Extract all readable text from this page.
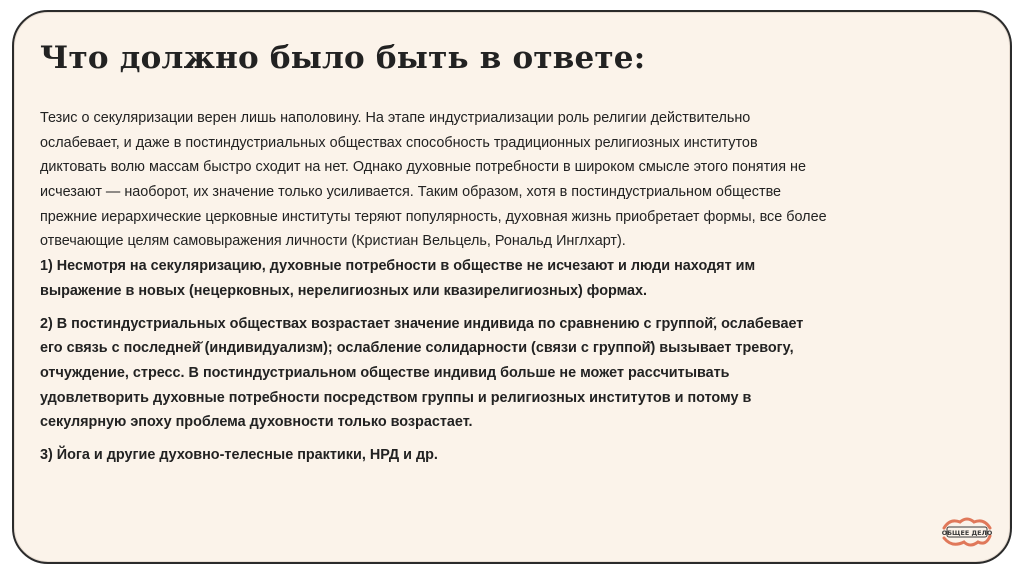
Что должно было быть в ответе:
Тезис о секуляризации верен лишь наполовину. На этапе индустриализации роль религии действительно
ослабевает, и даже в постиндустриальных обществах способность традиционных религиозных институтов
диктовать волю массам быстро сходит на нет. Однако духовные потребности в широком смысле этого понятия не
исчезают — наоборот, их значение только усиливается. Таким образом, хотя в постиндустриальном обществе
прежние иерархические церковные институты теряют популярность, духовная жизнь приобретает формы, все более
отвечающие целям самовыражения личности (Кристиан Вельцель, Рональд Инглхарт).
1) Несмотря на секуляризацию, духовные потребности в обществе не исчезают и люди находят им
выражение в новых (нецерковных, нерелигиозных или квазирелигиозных) формах.
2) В постиндустриальных обществах возрастает значение индивида по сравнению с группой̆, ослабевает
его связь с последней̆ (индивидуализм); ослабление солидарности (связи с группой̆) вызывает тревогу,
отчуждение, стресс. В постиндустриальном обществе индивид больше не может рассчитывать
удовлетворить духовные потребности посредством группы и религиозных институтов и потому в
секулярную эпоху проблема духовности только возрастает.
3) Йога и другие духовно-телесные практики, НРД и др.
ОБЩЕЕ ДЕЛО
